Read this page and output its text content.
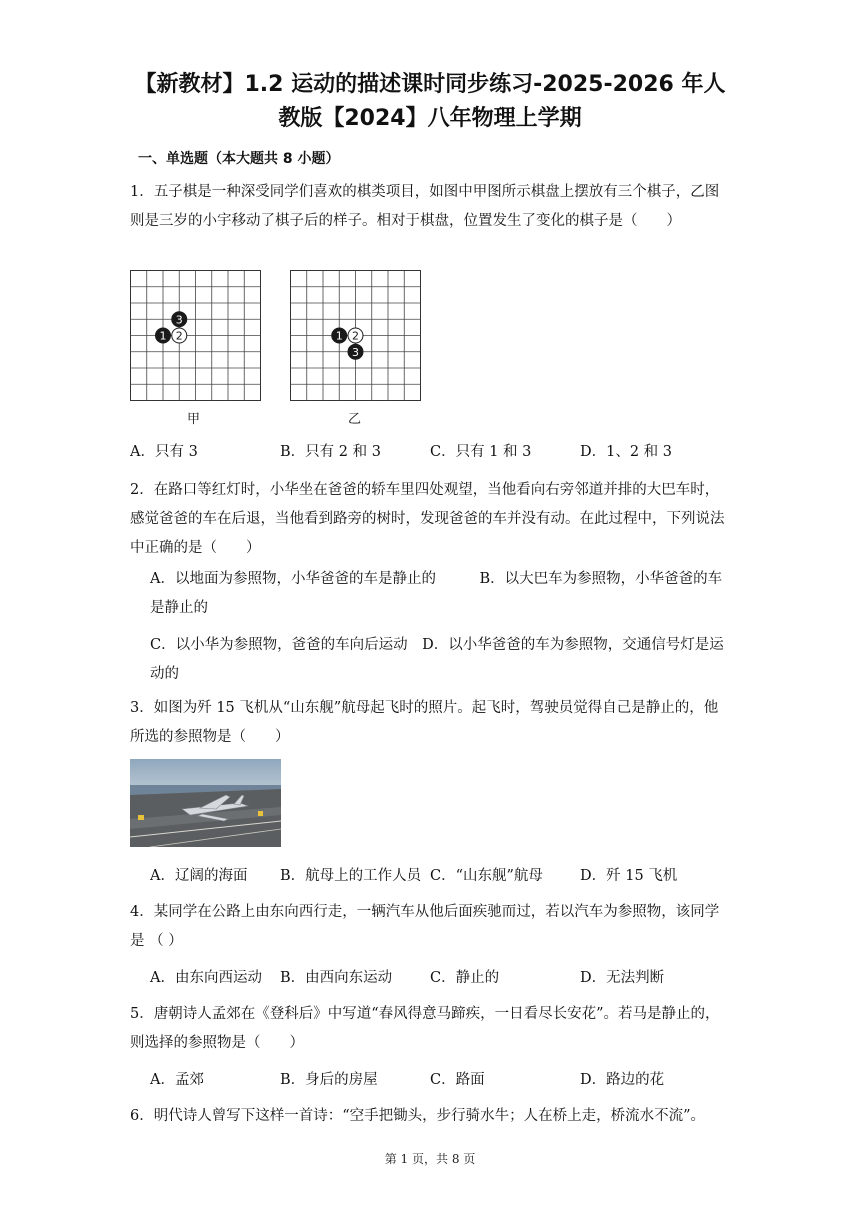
【新教材】1.2 运动的描述课时同步练习-2025-2026 年人
教版【2024】八年物理上学期
一、单选题（本大题共 8 小题）
1．五子棋是一种深受同学们喜欢的棋类项目，如图中甲图所示棋盘上摆放有三个棋子，乙图则是三岁的小宇移动了棋子后的样子。相对于棋盘，位置发生了变化的棋子是（　　）
3
1 2	1 2
3
甲	乙
A．只有 3	B．只有 2 和 3	C．只有 1 和 3	D．1、2 和 3
2．在路口等红灯时，小华坐在爸爸的轿车里四处观望，当他看向右旁邻道并排的大巴车时，感觉爸爸的车在后退，当他看到路旁的树时，发现爸爸的车并没有动。在此过程中，下列说法中正确的是（　　）
A．以地面为参照物，小华爸爸的车是静止的　　　B．以大巴车为参照物，小华爸爸的车是静止的
C．以小华为参照物，爸爸的车向后运动　D．以小华爸爸的车为参照物，交通信号灯是运动的
3．如图为歼 15 飞机从“山东舰”航母起飞时的照片。起飞时，驾驶员觉得自己是静止的，他所选的参照物是（　　）
A．辽阔的海面 B．航母上的工作人员 C．“山东舰”航母	D．歼 15 飞机
4．某同学在公路上由东向西行走，一辆汽车从他后面疾驰而过，若以汽车为参照物，该同学是 （ ）
A．由东向西运动 B．由西向东运动	C．静止的	D．无法判断
5．唐朝诗人孟郊在《登科后》中写道“春风得意马蹄疾，一日看尽长安花”。若马是静止的，则选择的参照物是（　　）
A．孟郊	B．身后的房屋	C．路面	D．路边的花
6．明代诗人曾写下这样一首诗：“空手把锄头，步行骑水牛；人在桥上走，桥流水不流”。
第 1 页，共 8 页
